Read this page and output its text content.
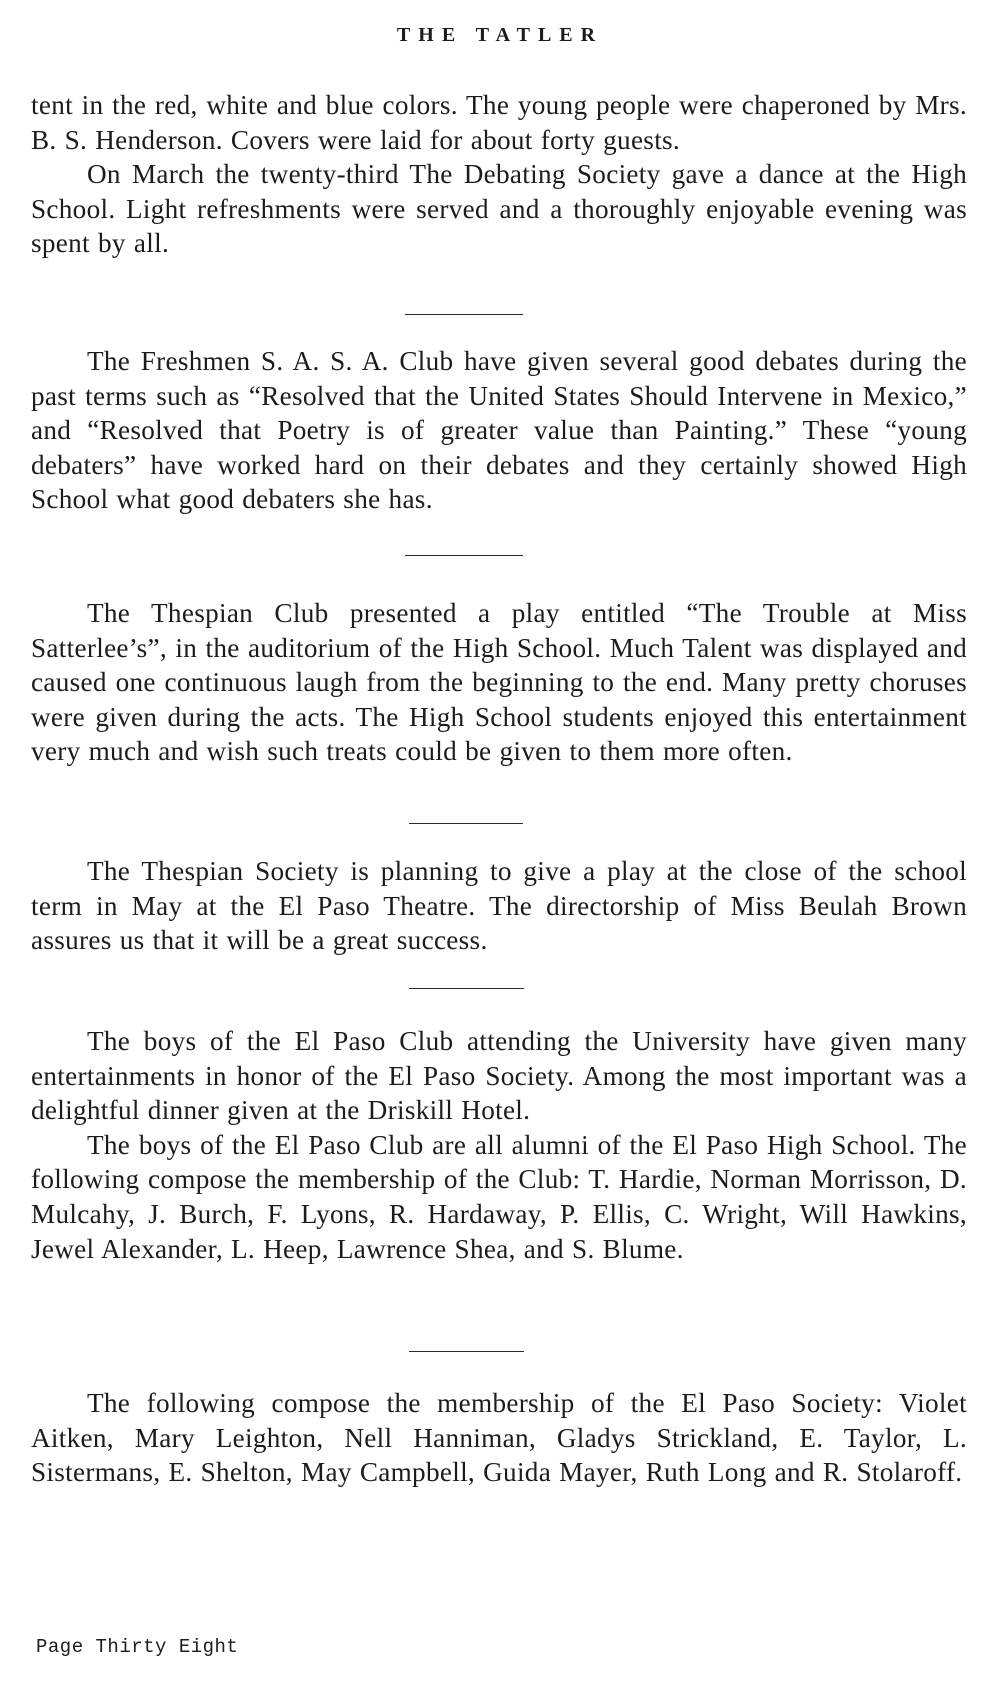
THE TATLER

tent in the red, white and blue colors. The young people were chaperoned by Mrs. B. S. Henderson. Covers were laid for about forty guests.

On March the twenty-third The Debating Society gave a dance at the High School. Light refreshments were served and a thoroughly enjoyable evening was spent by all.

The Freshmen S. A. S. A. Club have given several good debates during the past terms such as “Resolved that the United States Should Intervene in Mexico,” and “Resolved that Poetry is of greater value than Painting.” These “young debaters” have worked hard on their debates and they certainly showed High School what good debaters she has.

The Thespian Club presented a play entitled “The Trouble at Miss Satterlee’s”, in the auditorium of the High School. Much Talent was displayed and caused one continuous laugh from the beginning to the end. Many pretty choruses were given during the acts. The High School students enjoyed this entertainment very much and wish such treats could be given to them more often.

The Thespian Society is planning to give a play at the close of the school term in May at the El Paso Theatre. The directorship of Miss Beulah Brown assures us that it will be a great success.

The boys of the El Paso Club attending the University have given many entertainments in honor of the El Paso Society. Among the most important was a delightful dinner given at the Driskill Hotel.

The boys of the El Paso Club are all alumni of the El Paso High School. The following compose the membership of the Club: T. Hardie, Norman Morrisson, D. Mulcahy, J. Burch, F. Lyons, R. Hardaway, P. Ellis, C. Wright, Will Hawkins, Jewel Alexander, L. Heep, Lawrence Shea, and S. Blume.

The following compose the membership of the El Paso Society: Violet Aitken, Mary Leighton, Nell Hanniman, Gladys Strickland, E. Taylor, L. Sistermans, E. Shelton, May Campbell, Guida Mayer, Ruth Long and R. Stolaroff.

Page Thirty Eight
